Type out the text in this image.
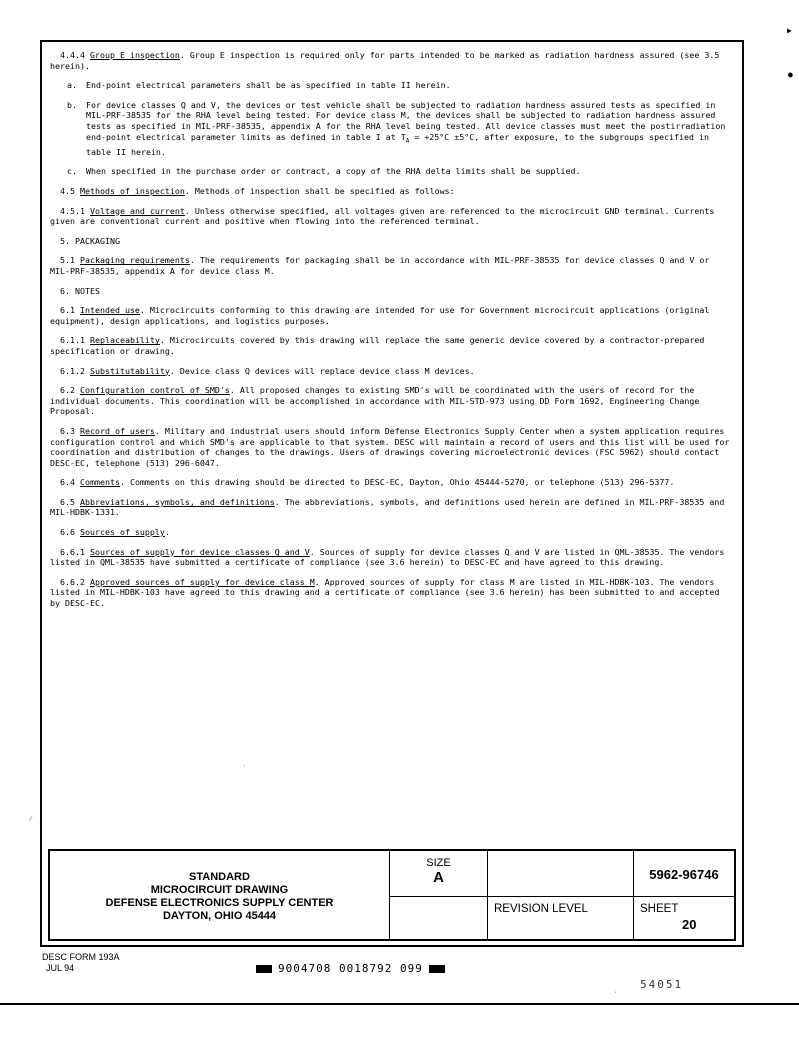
4.4.4 Group E inspection. Group E inspection is required only for parts intended to be marked as radiation hardness assured (see 3.5 herein).

a.	End-point electrical parameters shall be as specified in table II herein.
b.	For device classes Q and V, the devices or test vehicle shall be subjected to radiation hardness assured tests as specified in MIL-PRF-38535 for the RHA level being tested. For device class M, the devices shall be subjected to radiation hardness assured tests as specified in MIL-PRF-38535, appendix A for the RHA level being tested. All device classes must meet the postirradiation end-point electrical parameter limits as defined in table I at $T_A = +25^\circ C \pm 5^\circ C$, after exposure, to the subgroups specified in table II herein.
c.	When specified in the purchase order or contract, a copy of the RHA delta limits shall be supplied.

4.5 Methods of inspection. Methods of inspection shall be specified as follows:

4.5.1 Voltage and current. Unless otherwise specified, all voltages given are referenced to the microcircuit GND terminal. Currents given are conventional current and positive when flowing into the referenced terminal.

5. PACKAGING

5.1 Packaging requirements. The requirements for packaging shall be in accordance with MIL-PRF-38535 for device classes Q and V or MIL-PRF-38535, appendix A for device class M.

6. NOTES

6.1 Intended use. Microcircuits conforming to this drawing are intended for use for Government microcircuit applications (original equipment), design applications, and logistics purposes.

6.1.1 Replaceability. Microcircuits covered by this drawing will replace the same generic device covered by a contractor-prepared specification or drawing.

6.1.2 Substitutability. Device class Q devices will replace device class M devices.

6.2 Configuration control of SMD's. All proposed changes to existing SMD's will be coordinated with the users of record for the individual documents. This coordination will be accomplished in accordance with MIL-STD-973 using DD Form 1692, Engineering Change Proposal.

6.3 Record of users. Military and industrial users should inform Defense Electronics Supply Center when a system application requires configuration control and which SMD's are applicable to that system. DESC will maintain a record of users and this list will be used for coordination and distribution of changes to the drawings. Users of drawings covering microelectronic devices (FSC 5962) should contact DESC-EC, telephone (513) 296-6047.

6.4 Comments. Comments on this drawing should be directed to DESC-EC, Dayton, Ohio 45444-5270, or telephone (513) 296-5377.

6.5 Abbreviations, symbols, and definitions. The abbreviations, symbols, and definitions used herein are defined in MIL-PRF-38535 and MIL-HDBK-1331.

6.6 Sources of supply.

6.6.1 Sources of supply for device classes Q and V. Sources of supply for device classes Q and V are listed in QML-38535. The vendors listed in QML-38535 have submitted a certificate of compliance (see 3.6 herein) to DESC-EC and have agreed to this drawing.

6.6.2 Approved sources of supply for device class M. Approved sources of supply for class M are listed in MIL-HDBK-103. The vendors listed in MIL-HDBK-103 have agreed to this drawing and a certificate of compliance (see 3.6 herein) has been submitted to and accepted by DESC-EC.

STANDARD
MICROCIRCUIT DRAWING
DEFENSE ELECTRONICS SUPPLY CENTER
DAYTON, OHIO 45444
SIZE
A	5962-96746
REVISION LEVEL	SHEET
20
DESC FORM 193A
JUL 94	9004708 0018792 099
54051
▶
●
⁄
·
·
